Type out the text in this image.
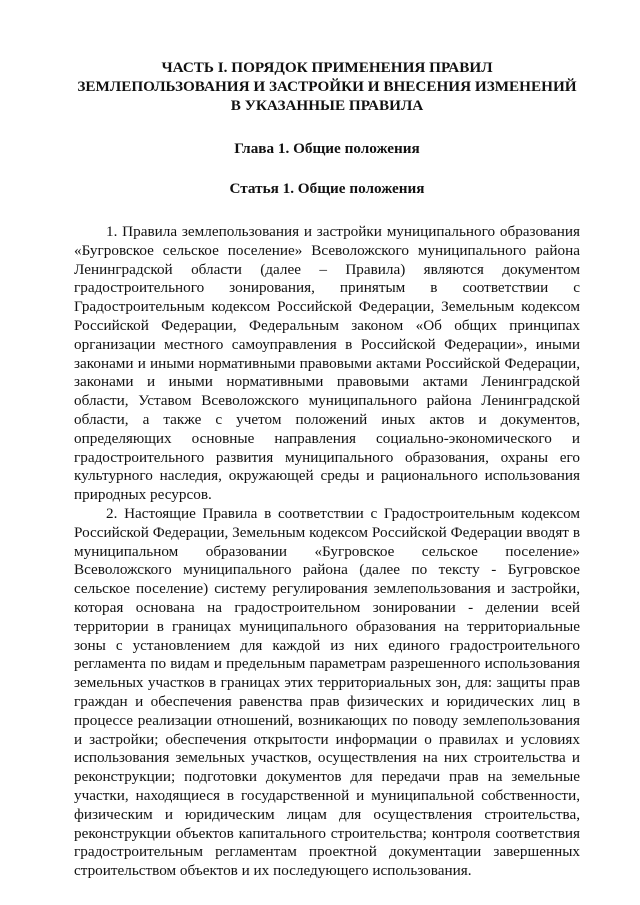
ЧАСТЬ I. ПОРЯДОК ПРИМЕНЕНИЯ ПРАВИЛ
ЗЕМЛЕПОЛЬЗОВАНИЯ И ЗАСТРОЙКИ И ВНЕСЕНИЯ ИЗМЕНЕНИЙ
В УКАЗАННЫЕ ПРАВИЛА
Глава 1. Общие положения
Статья 1. Общие положения

1. Правила землепользования и застройки муниципального образования «Бугровское сельское поселение» Всеволожского муниципального района Ленинградской области (далее – Правила) являются документом градостроительного зонирования, принятым в соответствии с Градостроительным кодексом Российской Федерации, Земельным кодексом Российской Федерации, Федеральным законом «Об общих принципах организации местного самоуправления в Российской Федерации», иными законами и иными нормативными правовыми актами Российской Федерации, законами и иными нормативными правовыми актами Ленинградской области, Уставом Всеволожского муниципального района Ленинградской области, а также с учетом положений иных актов и документов, определяющих основные направления социально-экономического и градостроительного развития муниципального образования, охраны его культурного наследия, окружающей среды и рационального использования природных ресурсов.

2. Настоящие Правила в соответствии с Градостроительным кодексом Российской Федерации, Земельным кодексом Российской Федерации вводят в муниципальном образовании «Бугровское сельское поселение» Всеволожского муниципального района (далее по тексту - Бугровское сельское поселение) систему регулирования землепользования и застройки, которая основана на градостроительном зонировании - делении всей территории в границах муниципального образования на территориальные зоны с установлением для каждой из них единого градостроительного регламента по видам и предельным параметрам разрешенного использования земельных участков в границах этих территориальных зон, для: защиты прав граждан и обеспечения равенства прав физических и юридических лиц в процессе реализации отношений, возникающих по поводу землепользования и застройки; обеспечения открытости информации о правилах и условиях использования земельных участков, осуществления на них строительства и реконструкции; подготовки документов для передачи прав на земельные участки, находящиеся в государственной и муниципальной собственности, физическим и юридическим лицам для осуществления строительства, реконструкции объектов капитального строительства; контроля соответствия градостроительным регламентам проектной документации завершенных строительством объектов и их последующего использования.
